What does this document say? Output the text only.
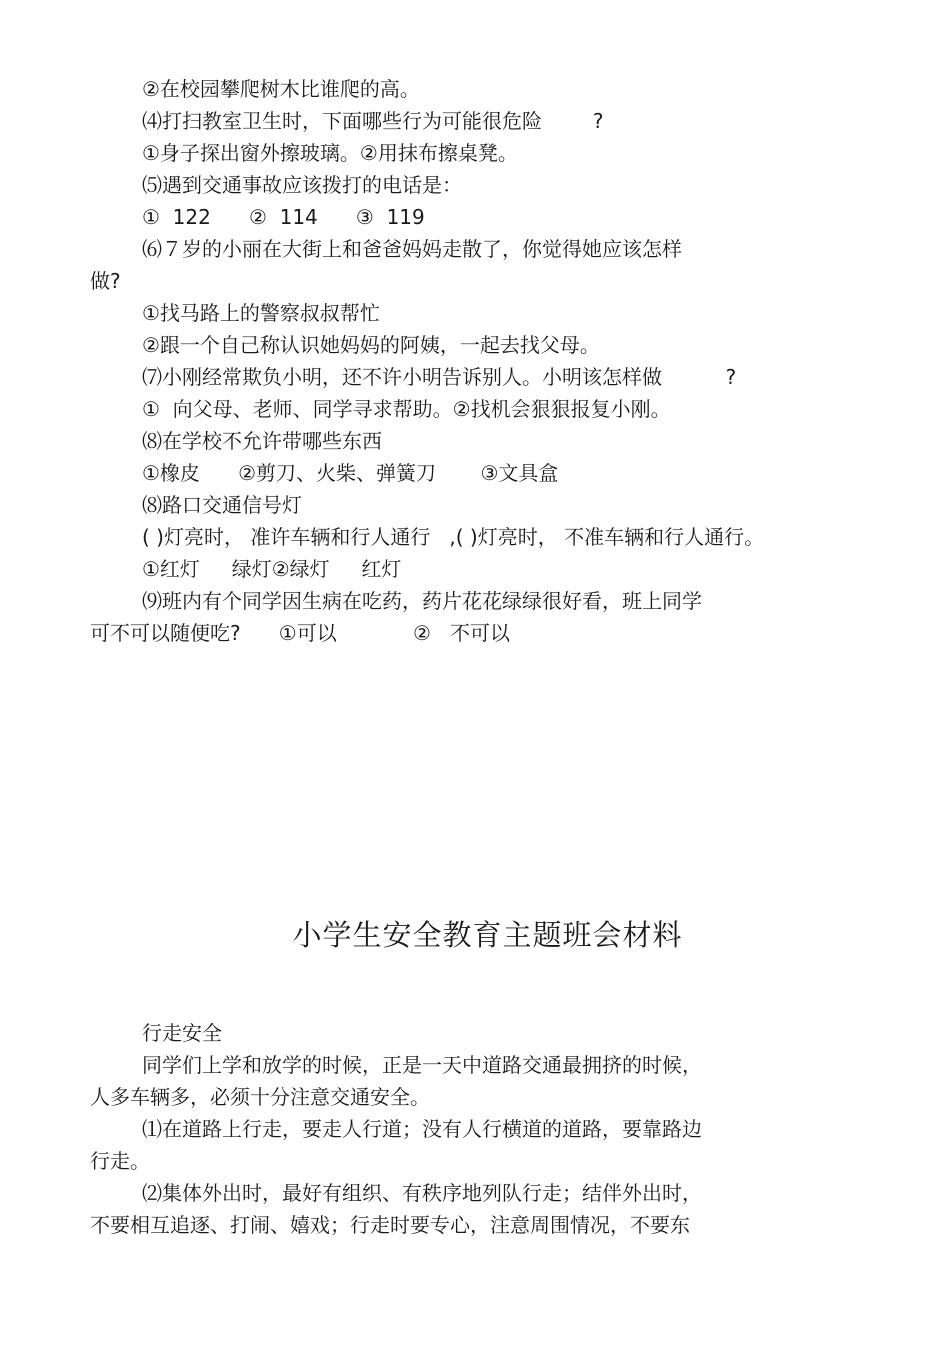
②在校园攀爬树木比谁爬的高。
⑷打扫教室卫生时，下面哪些行为可能很危险        ?
①身子探出窗外擦玻璃。②用抹布擦桌凳。
⑸遇到交通事故应该拨打的电话是：
①  122      ②  114      ③  119
⑹７岁的小丽在大街上和爸爸妈妈走散了，你觉得她应该怎样
做?
①找马路上的警察叔叔帮忙
②跟一个自己称认识她妈妈的阿姨，一起去找父母。
⑺小刚经常欺负小明，还不许小明告诉别人。小明该怎样做          ?
①  向父母、老师、同学寻求帮助。②找机会狠狠报复小刚。
⑻在学校不允许带哪些东西
①橡皮      ②剪刀、火柴、弹簧刀       ③文具盒
⑻路口交通信号灯
( )灯亮时， 准许车辆和行人通行   ,( )灯亮时， 不准车辆和行人通行。
①红灯     绿灯②绿灯     红灯
⑼班内有个同学因生病在吃药，药片花花绿绿很好看，班上同学
可不可以随便吃?      ①可以            ②   不可以
小学生安全教育主题班会材料
行走安全
同学们上学和放学的时候，正是一天中道路交通最拥挤的时候，
人多车辆多，必须十分注意交通安全。
⑴在道路上行走，要走人行道；没有人行横道的道路，要靠路边
行走。
⑵集体外出时，最好有组织、有秩序地列队行走；结伴外出时，
不要相互追逐、打闹、嬉戏；行走时要专心，注意周围情况，不要东
